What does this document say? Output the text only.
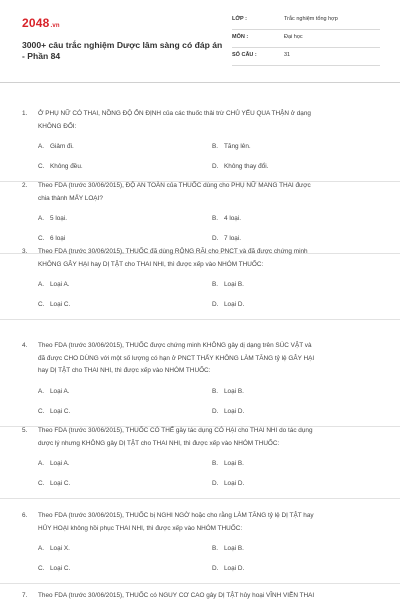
2048.vn
3000+ câu trắc nghiệm Dược lâm sàng có đáp án - Phần 84
LỚP :	Trắc nghiệm tổng hợp
MÔN :	Đại học
SỐ CÂU :	31
1. Ở PHỤ NỮ CÓ THAI, NỒNG ĐỘ ỔN ĐỊNH của các thuốc thải trừ CHỦ YẾU QUA THẬN ở dạng
KHÔNG ĐỔI:
A. Giảm đi.	B. Tăng lên.
C. Không đều.	D. Không thay đổi.
2. Theo FDA (trước 30/06/2015), ĐỘ AN TOÀN của THUỐC dùng cho PHỤ NỮ MANG THAI được
chia thành MẤY LOẠI?
A. 5 loại.	B. 4 loại.
C. 6 loại	D. 7 loại.
3. Theo FDA (trước 30/06/2015), THUỐC đã dùng RỘNG RÃI cho PNCT và đã được chứng minh
KHÔNG GÂY HẠI hay DỊ TẬT cho THAI NHI, thì được xếp vào NHÓM THUỐC:
A. Loại A.	B. Loại B.
C. Loại C.	D. Loại D.
4. Theo FDA (trước 30/06/2015), THUỐC được chứng minh KHÔNG gây dị dạng trên SÚC VẬT và
đã được CHO DÙNG với một số lượng có hạn ở PNCT THẤY KHÔNG LÀM TĂNG tỷ lệ GÂY HẠI
hay DỊ TẬT cho THAI NHI, thì được xếp vào NHÓM THUỐC:
A. Loại A.	B. Loại B.
C. Loại C.	D. Loại D.
5. Theo FDA (trước 30/06/2015), THUỐC CÓ THỂ gây tác dụng CÓ HẠI cho THAI NHI do tác dụng
dược lý nhưng KHÔNG gây DỊ TẬT cho THAI NHI, thì được xếp vào NHÓM THUỐC:
A. Loại A.	B. Loại B.
C. Loại C.	D. Loại D.
6. Theo FDA (trước 30/06/2015), THUỐC bị NGHI NGỜ hoặc cho rằng LÀM TĂNG tỷ lệ DỊ TẬT hay
HỦY HOẠI không hồi phục THAI NHI, thì được xếp vào NHÓM THUỐC:
A. Loại X.	B. Loại B.
C. Loại C.	D. Loại D.
7. Theo FDA (trước 30/06/2015), THUỐC có NGUY CƠ CAO gây DỊ TẬT hủy hoại VĨNH VIỄN THAI
